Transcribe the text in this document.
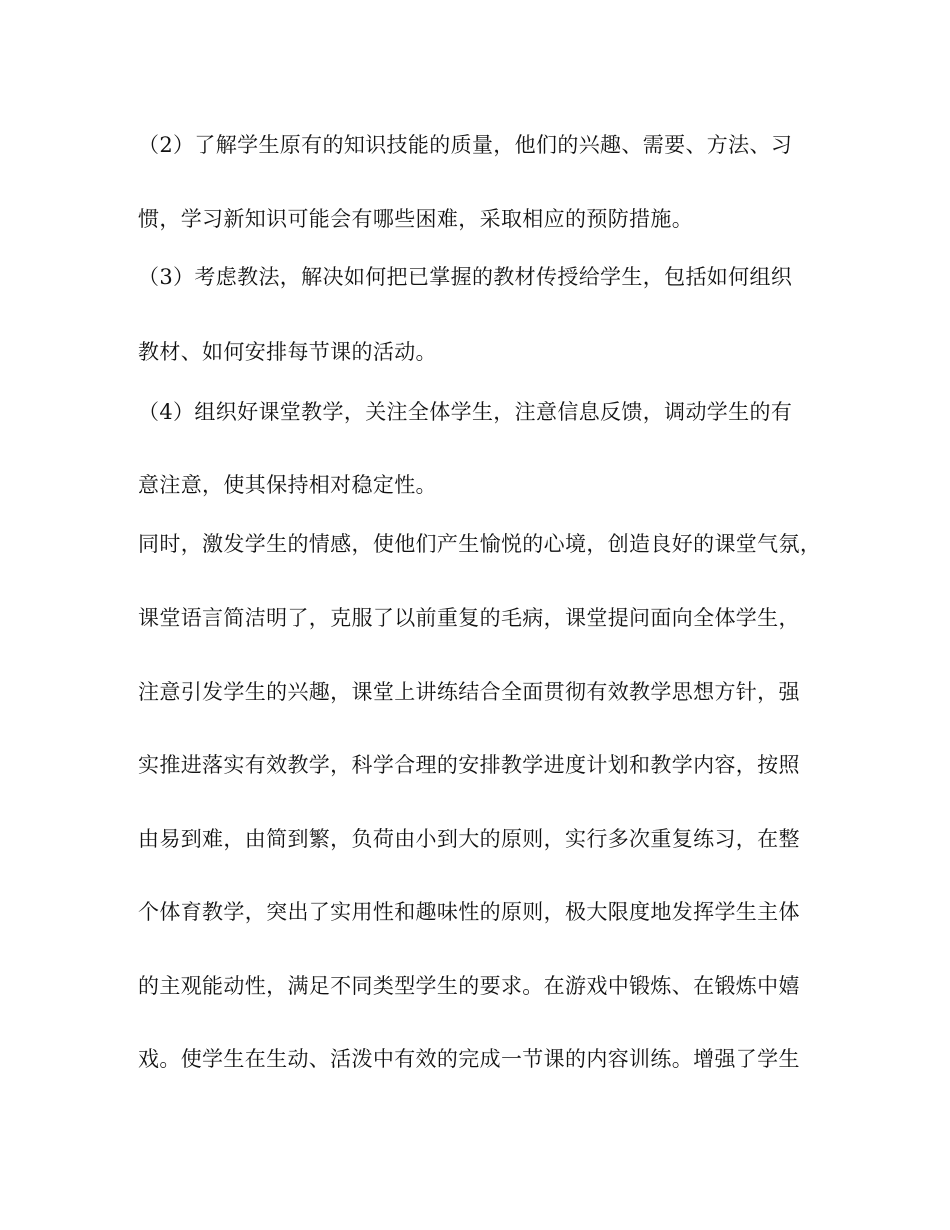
（2）了解学生原有的知识技能的质量，他们的兴趣、需要、方法、习
惯，学习新知识可能会有哪些困难，采取相应的预防措施。
（3）考虑教法，解决如何把已掌握的教材传授给学生，包括如何组织
教材、如何安排每节课的活动。
（4）组织好课堂教学，关注全体学生，注意信息反馈，调动学生的有
意注意，使其保持相对稳定性。
同时，激发学生的情感，使他们产生愉悦的心境，创造良好的课堂气氛，
课堂语言简洁明了，克服了以前重复的毛病，课堂提问面向全体学生，
注意引发学生的兴趣，课堂上讲练结合全面贯彻有效教学思想方针，强
实推进落实有效教学，科学合理的安排教学进度计划和教学内容，按照
由易到难，由简到繁，负荷由小到大的原则，实行多次重复练习，在整
个体育教学，突出了实用性和趣味性的原则，极大限度地发挥学生主体
的主观能动性，满足不同类型学生的要求。在游戏中锻炼、在锻炼中嬉
戏。使学生在生动、活泼中有效的完成一节课的内容训练。增强了学生
